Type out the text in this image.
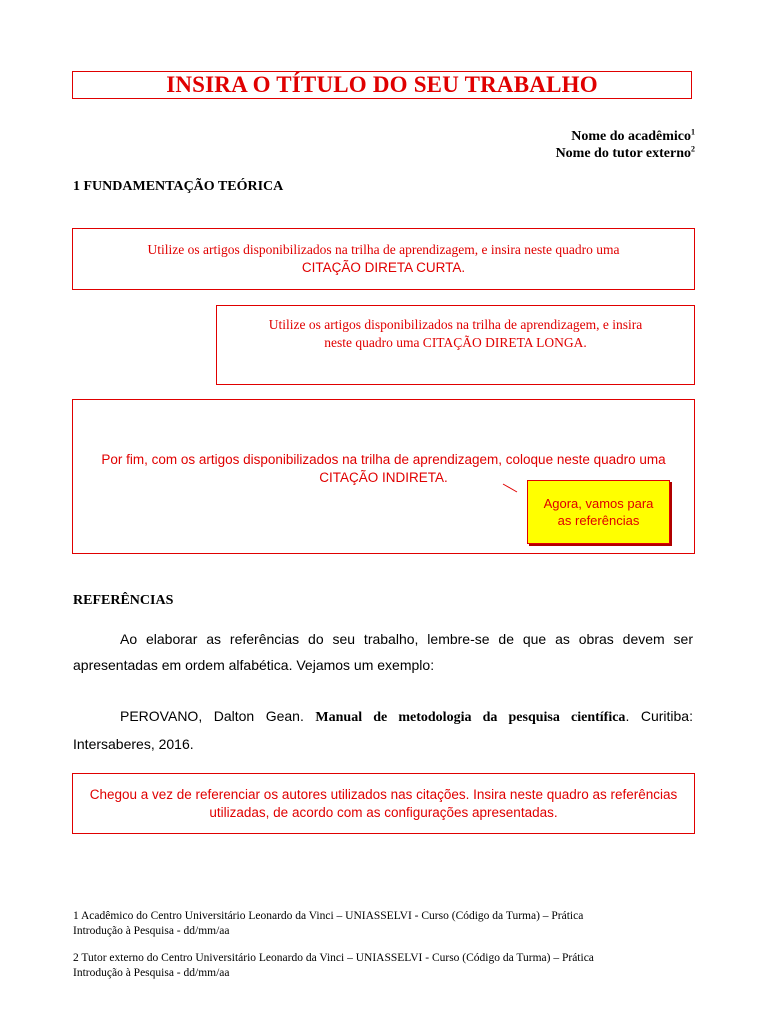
INSIRA O TÍTULO DO SEU TRABALHO
Nome do acadêmico$^1$
Nome do tutor externo$^2$
1 FUNDAMENTAÇÃO TEÓRICA
Utilize os artigos disponibilizados na trilha de aprendizagem, e insira neste quadro uma
CITAÇÃO DIRETA CURTA.
Utilize os artigos disponibilizados na trilha de aprendizagem, e insira
neste quadro uma CITAÇÃO DIRETA LONGA.
Por fim, com os artigos disponibilizados na trilha de aprendizagem, coloque neste quadro uma
CITAÇÃO INDIRETA.
Agora, vamos para
as referências
REFERÊNCIAS
Ao elaborar as referências do seu trabalho, lembre-se de que as obras devem ser apresentadas em ordem alfabética. Vejamos um exemplo:
PEROVANO, Dalton Gean. Manual de metodologia da pesquisa científica. Curitiba: Intersaberes, 2016.
Chegou a vez de referenciar os autores utilizados nas citações. Insira neste quadro as referências
utilizadas, de acordo com as configurações apresentadas.
1 Acadêmico do Centro Universitário Leonardo da Vinci – UNIASSELVI - Curso (Código da Turma) – Prática
Introdução à Pesquisa - dd/mm/aa
2 Tutor externo do Centro Universitário Leonardo da Vinci – UNIASSELVI - Curso (Código da Turma) – Prática
Introdução à Pesquisa - dd/mm/aa
